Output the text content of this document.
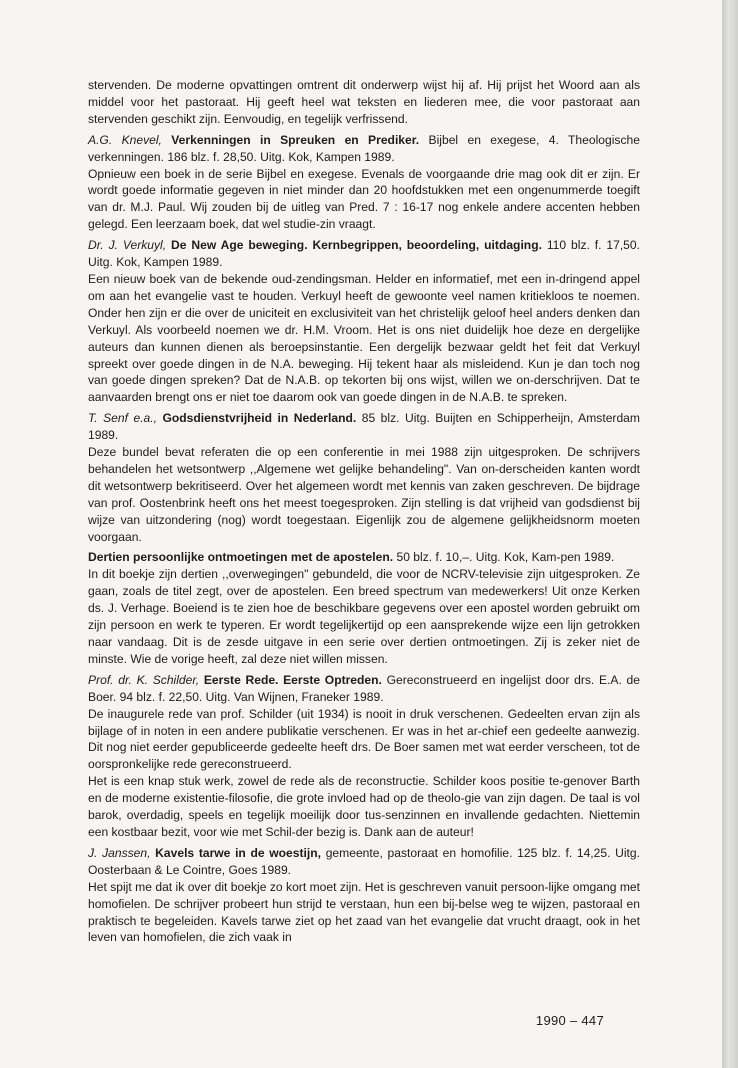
stervenden. De moderne opvattingen omtrent dit onderwerp wijst hij af. Hij prijst het Woord aan als middel voor het pastoraat. Hij geeft heel wat teksten en liederen mee, die voor pastoraat aan stervenden geschikt zijn. Eenvoudig, en tegelijk verfrissend.

A.G. Knevel, Verkenningen in Spreuken en Prediker. Bijbel en exegese, 4. Theologische verkenningen. 186 blz. f. 28,50. Uitg. Kok, Kampen 1989.

Opnieuw een boek in de serie Bijbel en exegese. Evenals de voorgaande drie mag ook dit er zijn. Er wordt goede informatie gegeven in niet minder dan 20 hoofdstukken met een ongenummerde toegift van dr. M.J. Paul. Wij zouden bij de uitleg van Pred. 7 : 16-17 nog enkele andere accenten hebben gelegd. Een leerzaam boek, dat wel studie-zin vraagt.

Dr. J. Verkuyl, De New Age beweging. Kernbegrippen, beoordeling, uitdaging. 110 blz. f. 17,50. Uitg. Kok, Kampen 1989.

Een nieuw boek van de bekende oud-zendingsman. Helder en informatief, met een in-dringend appel om aan het evangelie vast te houden. Verkuyl heeft de gewoonte veel namen kritiekloos te noemen. Onder hen zijn er die over de uniciteit en exclusiviteit van het christelijk geloof heel anders denken dan Verkuyl. Als voorbeeld noemen we dr. H.M. Vroom. Het is ons niet duidelijk hoe deze en dergelijke auteurs dan kunnen dienen als beroepsinstantie. Een dergelijk bezwaar geldt het feit dat Verkuyl spreekt over goede dingen in de N.A. beweging. Hij tekent haar als misleidend. Kun je dan toch nog van goede dingen spreken? Dat de N.A.B. op tekorten bij ons wijst, willen we on-derschrijven. Dat te aanvaarden brengt ons er niet toe daarom ook van goede dingen in de N.A.B. te spreken.

T. Senf e.a., Godsdienstvrijheid in Nederland. 85 blz. Uitg. Buijten en Schipperheijn, Amsterdam 1989.

Deze bundel bevat referaten die op een conferentie in mei 1988 zijn uitgesproken. De schrijvers behandelen het wetsontwerp ,,Algemene wet gelijke behandeling". Van on-derscheiden kanten wordt dit wetsontwerp bekritiseerd. Over het algemeen wordt met kennis van zaken geschreven. De bijdrage van prof. Oostenbrink heeft ons het meest toegesproken. Zijn stelling is dat vrijheid van godsdienst bij wijze van uitzondering (nog) wordt toegestaan. Eigenlijk zou de algemene gelijkheidsnorm moeten voorgaan.

Dertien persoonlijke ontmoetingen met de apostelen. 50 blz. f. 10,–. Uitg. Kok, Kam-pen 1989.

In dit boekje zijn dertien ,,overwegingen" gebundeld, die voor de NCRV-televisie zijn uitgesproken. Ze gaan, zoals de titel zegt, over de apostelen. Een breed spectrum van medewerkers! Uit onze Kerken ds. J. Verhage. Boeiend is te zien hoe de beschikbare gegevens over een apostel worden gebruikt om zijn persoon en werk te typeren. Er wordt tegelijkertijd op een aansprekende wijze een lijn getrokken naar vandaag. Dit is de zesde uitgave in een serie over dertien ontmoetingen. Zij is zeker niet de minste. Wie de vorige heeft, zal deze niet willen missen.

Prof. dr. K. Schilder, Eerste Rede. Eerste Optreden. Gereconstrueerd en ingelijst door drs. E.A. de Boer. 94 blz. f. 22,50. Uitg. Van Wijnen, Franeker 1989.

De inaugurele rede van prof. Schilder (uit 1934) is nooit in druk verschenen. Gedeelten ervan zijn als bijlage of in noten in een andere publikatie verschenen. Er was in het ar-chief een gedeelte aanwezig. Dit nog niet eerder gepubliceerde gedeelte heeft drs. De Boer samen met wat eerder verscheen, tot de oorspronkelijke rede gereconstrueerd.

Het is een knap stuk werk, zowel de rede als de reconstructie. Schilder koos positie te-genover Barth en de moderne existentie-filosofie, die grote invloed had op de theolo-gie van zijn dagen. De taal is vol barok, overdadig, speels en tegelijk moeilijk door tus-senzinnen en invallende gedachten. Niettemin een kostbaar bezit, voor wie met Schil-der bezig is. Dank aan de auteur!

J. Janssen, Kavels tarwe in de woestijn, gemeente, pastoraat en homofilie. 125 blz. f. 14,25. Uitg. Oosterbaan & Le Cointre, Goes 1989.

Het spijt me dat ik over dit boekje zo kort moet zijn. Het is geschreven vanuit persoon-lijke omgang met homofielen. De schrijver probeert hun strijd te verstaan, hun een bij-belse weg te wijzen, pastoraal en praktisch te begeleiden. Kavels tarwe ziet op het zaad van het evangelie dat vrucht draagt, ook in het leven van homofielen, die zich vaak in

1990 – 447
